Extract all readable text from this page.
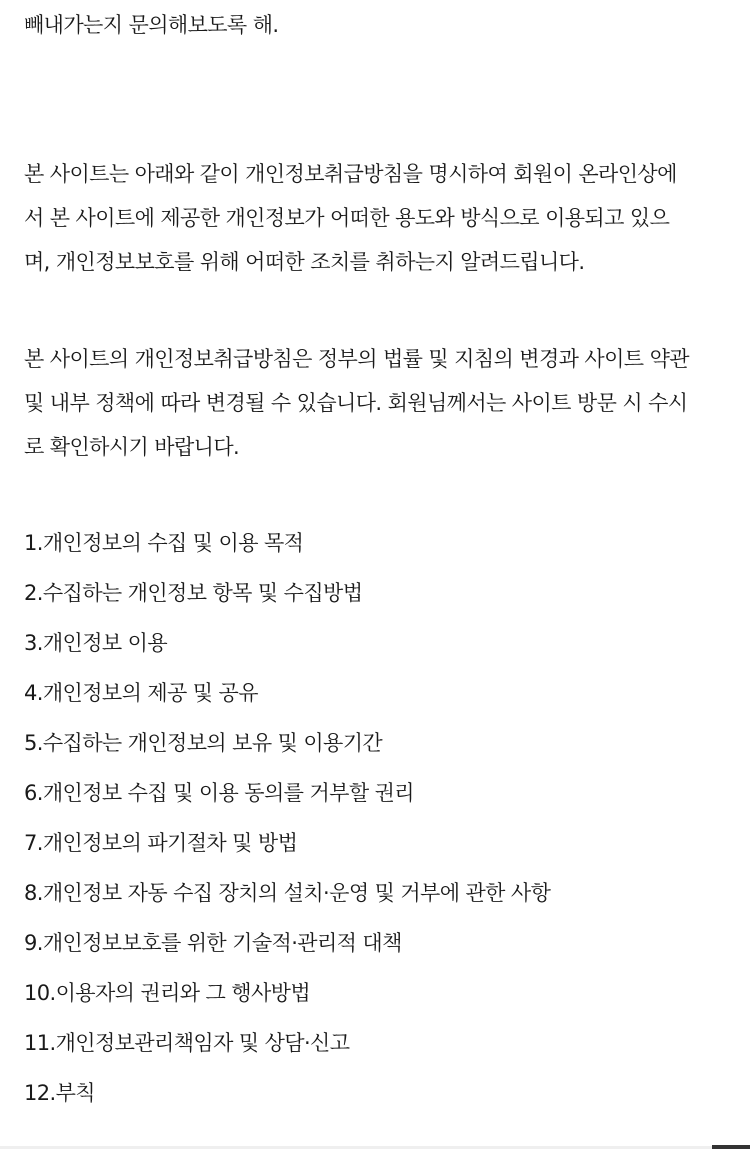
빼내가는지 문의해보도록 해.

본 사이트는 아래와 같이 개인정보취급방침을 명시하여 회원이 온라인상에

서 본 사이트에 제공한 개인정보가 어떠한 용도와 방식으로 이용되고 있으

며, 개인정보보호를 위해 어떠한 조치를 취하는지 알려드립니다.

본 사이트의 개인정보취급방침은 정부의 법률 및 지침의 변경과 사이트 약관

및 내부 정책에 따라 변경될 수 있습니다. 회원님께서는 사이트 방문 시 수시

로 확인하시기 바랍니다.

1.개인정보의 수집 및 이용 목적
2.수집하는 개인정보 항목 및 수집방법
3.개인정보 이용
4.개인정보의 제공 및 공유
5.수집하는 개인정보의 보유 및 이용기간
6.개인정보 수집 및 이용 동의를 거부할 권리
7.개인정보의 파기절차 및 방법
8.개인정보 자동 수집 장치의 설치·운영 및 거부에 관한 사항
9.개인정보보호를 위한 기술적·관리적 대책
10.이용자의 권리와 그 행사방법
11.개인정보관리책임자 및 상담·신고
12.부칙
